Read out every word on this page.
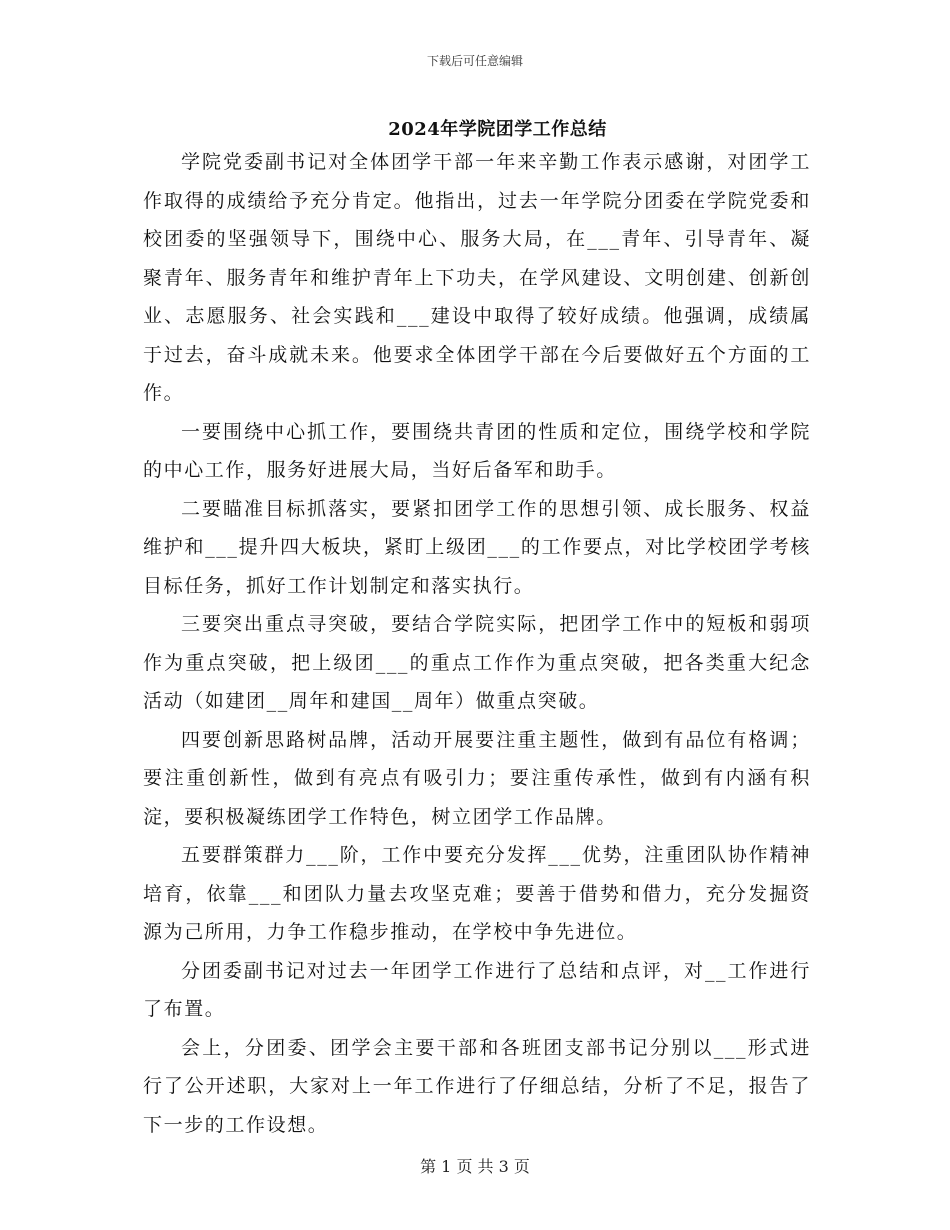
下载后可任意编辑
2024年学院团学工作总结

学院党委副书记对全体团学干部一年来辛勤工作表示感谢，对团学工作取得的成绩给予充分肯定。他指出，过去一年学院分团委在学院党委和校团委的坚强领导下，围绕中心、服务大局，在___青年、引导青年、凝聚青年、服务青年和维护青年上下功夫，在学风建设、文明创建、创新创业、志愿服务、社会实践和___建设中取得了较好成绩。他强调，成绩属于过去，奋斗成就未来。他要求全体团学干部在今后要做好五个方面的工作。

一要围绕中心抓工作，要围绕共青团的性质和定位，围绕学校和学院的中心工作，服务好进展大局，当好后备军和助手。

二要瞄准目标抓落实，要紧扣团学工作的思想引领、成长服务、权益维护和___提升四大板块，紧盯上级团___的工作要点，对比学校团学考核目标任务，抓好工作计划制定和落实执行。

三要突出重点寻突破，要结合学院实际，把团学工作中的短板和弱项作为重点突破，把上级团___的重点工作作为重点突破，把各类重大纪念活动（如建团__周年和建国__周年）做重点突破。

四要创新思路树品牌，活动开展要注重主题性，做到有品位有格调；要注重创新性，做到有亮点有吸引力；要注重传承性，做到有内涵有积淀，要积极凝练团学工作特色，树立团学工作品牌。

五要群策群力___阶，工作中要充分发挥___优势，注重团队协作精神培育，依靠___和团队力量去攻坚克难；要善于借势和借力，充分发掘资源为己所用，力争工作稳步推动，在学校中争先进位。

分团委副书记对过去一年团学工作进行了总结和点评，对__工作进行了布置。

会上，分团委、团学会主要干部和各班团支部书记分别以___形式进行了公开述职，大家对上一年工作进行了仔细总结，分析了不足，报告了下一步的工作设想。

第 1 页 共 3 页
